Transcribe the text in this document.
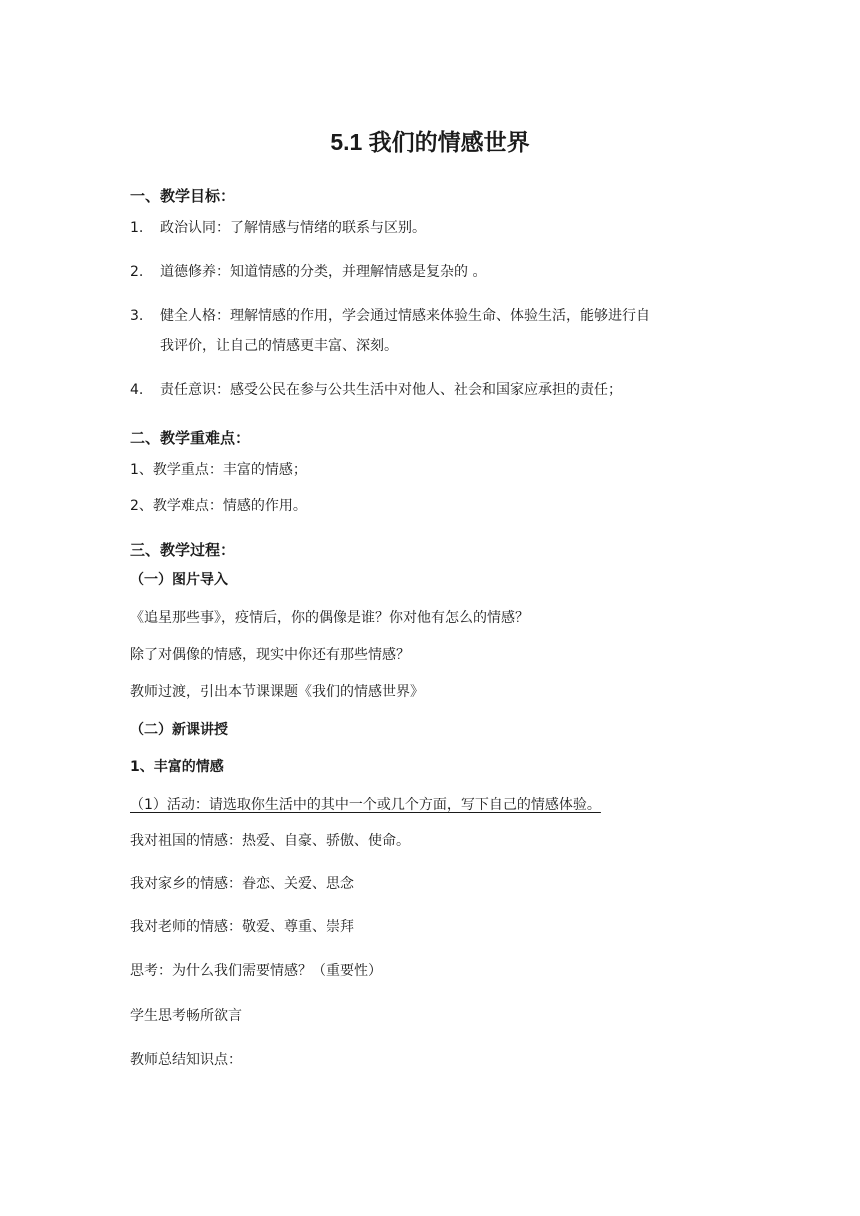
5.1 我们的情感世界
一、教学目标：
1. 政治认同：了解情感与情绪的联系与区别。
2. 道德修养：知道情感的分类，并理解情感是复杂的 。
3. 健全人格：理解情感的作用，学会通过情感来体验生命、体验生活，能够进行自
我评价，让自己的情感更丰富、深刻。
4. 责任意识：感受公民在参与公共生活中对他人、社会和国家应承担的责任；
二、教学重难点：
1、教学重点：丰富的情感；
2、教学难点：情感的作用。
三、教学过程：
（一）图片导入
《追星那些事》，疫情后，你的偶像是谁？你对他有怎么的情感？
除了对偶像的情感，现实中你还有那些情感？
教师过渡，引出本节课课题《我们的情感世界》
（二）新课讲授
1、丰富的情感
（1）活动：请选取你生活中的其中一个或几个方面，写下自己的情感体验。
我对祖国的情感：热爱、自豪、骄傲、使命。
我对家乡的情感：眷恋、关爱、思念
我对老师的情感：敬爱、尊重、崇拜
思考：为什么我们需要情感？（重要性）
学生思考畅所欲言
教师总结知识点：
